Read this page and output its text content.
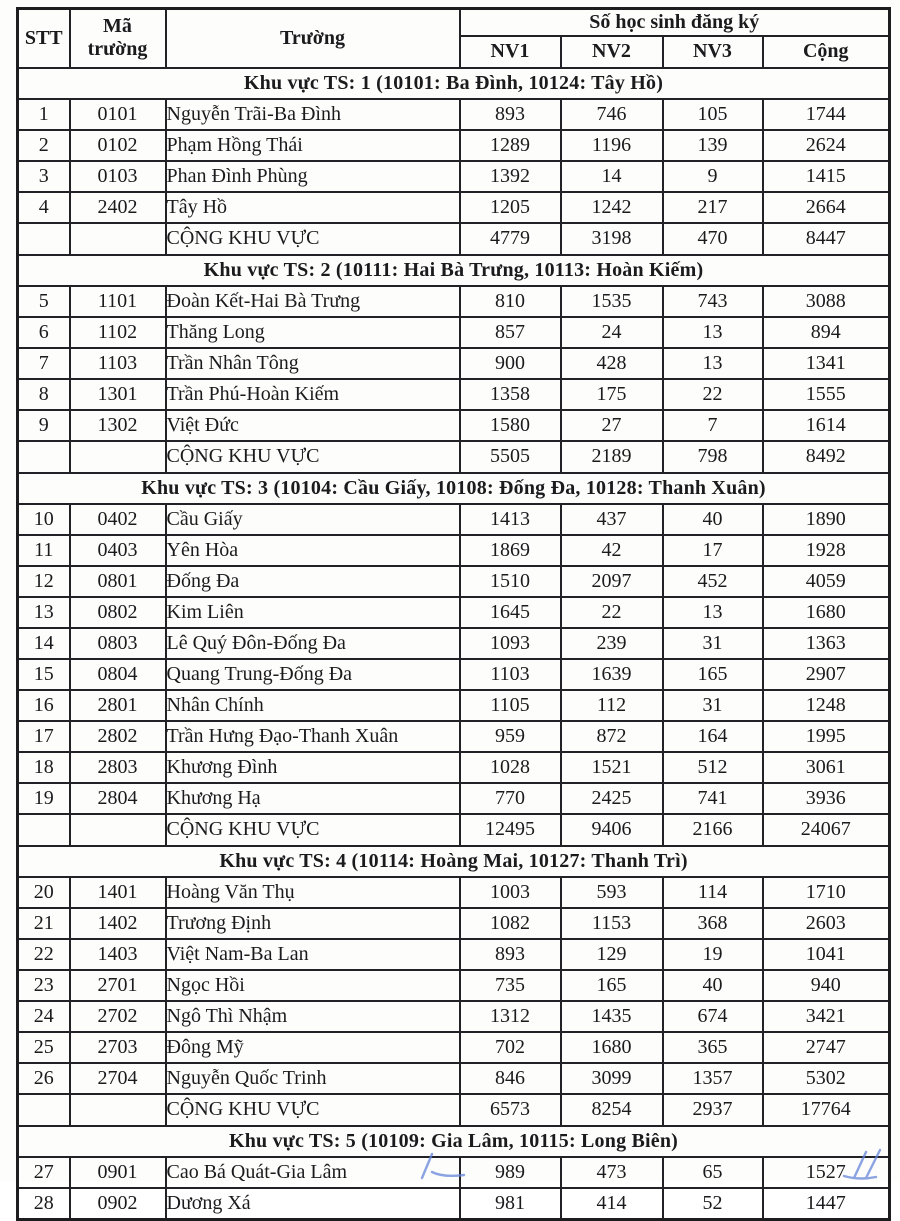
STT	Mã trường	Trường	Số học sinh đăng ký			
			NV1	NV2	NV3	Cộng
Khu vực TS: 1 (10101: Ba Đình, 10124: Tây Hồ)						
1	0101	Nguyễn Trãi-Ba Đình	893	746	105	1744
2	0102	Phạm Hồng Thái	1289	1196	139	2624
3	0103	Phan Đình Phùng	1392	14	9	1415
4	2402	Tây Hồ	1205	1242	217	2664
		CỘNG KHU VỰC	4779	3198	470	8447
Khu vực TS: 2 (10111: Hai Bà Trưng, 10113: Hoàn Kiếm)						
5	1101	Đoàn Kết-Hai Bà Trưng	810	1535	743	3088
6	1102	Thăng Long	857	24	13	894
7	1103	Trần Nhân Tông	900	428	13	1341
8	1301	Trần Phú-Hoàn Kiếm	1358	175	22	1555
9	1302	Việt Đức	1580	27	7	1614
		CỘNG KHU VỰC	5505	2189	798	8492
Khu vực TS: 3 (10104: Cầu Giấy, 10108: Đống Đa, 10128: Thanh Xuân)						
10	0402	Cầu Giấy	1413	437	40	1890
11	0403	Yên Hòa	1869	42	17	1928
12	0801	Đống Đa	1510	2097	452	4059
13	0802	Kim Liên	1645	22	13	1680
14	0803	Lê Quý Đôn-Đống Đa	1093	239	31	1363
15	0804	Quang Trung-Đống Đa	1103	1639	165	2907
16	2801	Nhân Chính	1105	112	31	1248
17	2802	Trần Hưng Đạo-Thanh Xuân	959	872	164	1995
18	2803	Khương Đình	1028	1521	512	3061
19	2804	Khương Hạ	770	2425	741	3936
		CỘNG KHU VỰC	12495	9406	2166	24067
Khu vực TS: 4 (10114: Hoàng Mai, 10127: Thanh Trì)						
20	1401	Hoàng Văn Thụ	1003	593	114	1710
21	1402	Trương Định	1082	1153	368	2603
22	1403	Việt Nam-Ba Lan	893	129	19	1041
23	2701	Ngọc Hồi	735	165	40	940
24	2702	Ngô Thì Nhậm	1312	1435	674	3421
25	2703	Đông Mỹ	702	1680	365	2747
26	2704	Nguyễn Quốc Trinh	846	3099	1357	5302
		CỘNG KHU VỰC	6573	8254	2937	17764
Khu vực TS: 5 (10109: Gia Lâm, 10115: Long Biên)						
27	0901	Cao Bá Quát-Gia Lâm	989	473	65	1527
28	0902	Dương Xá	981	414	52	1447
